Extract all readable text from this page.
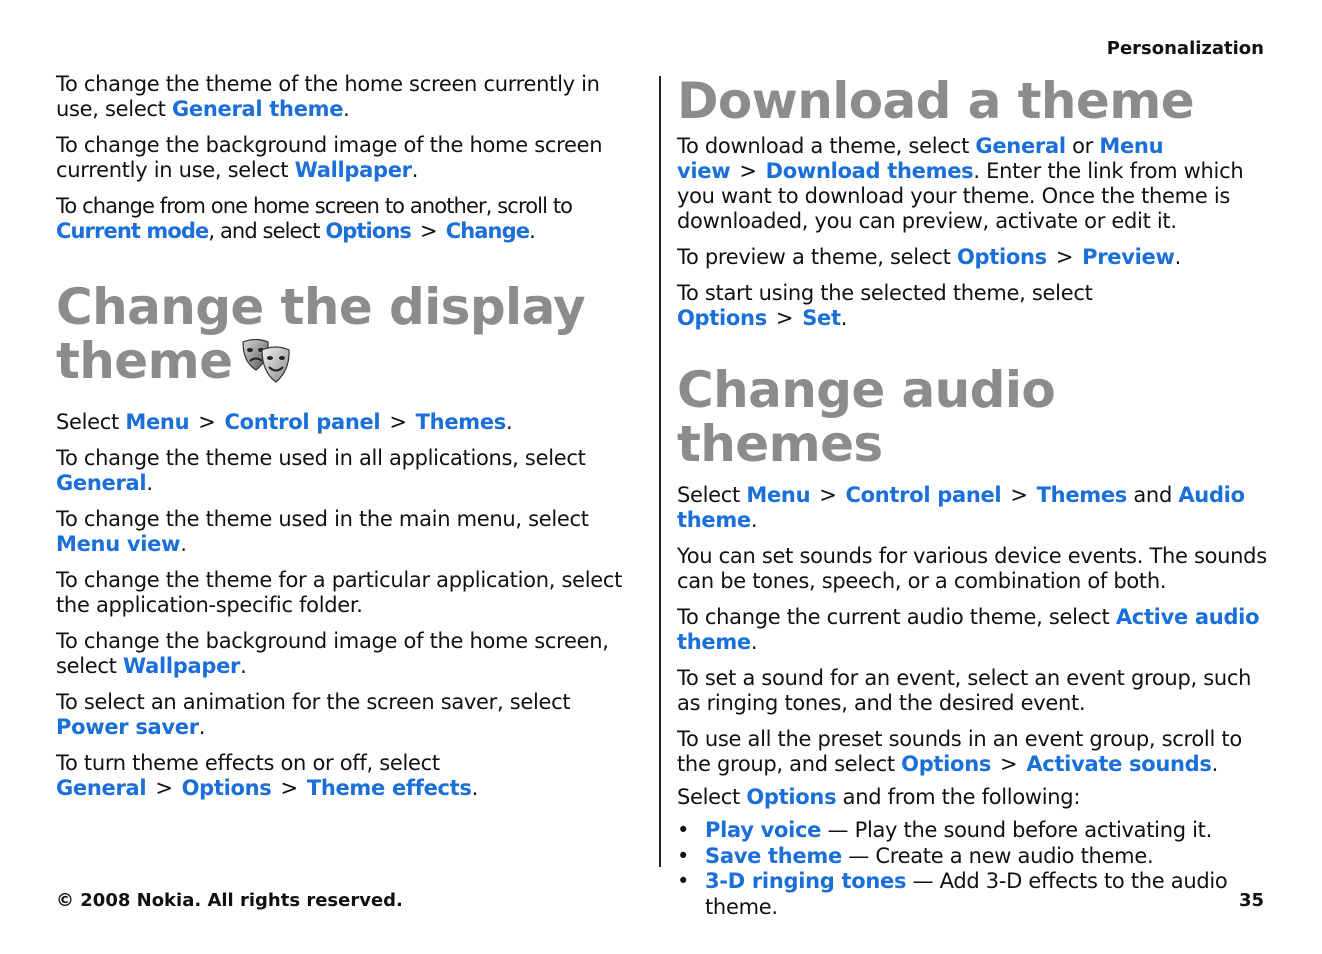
Personalization

To change the theme of the home screen currently in use, select General theme.

To change the background image of the home screen currently in use, select Wallpaper.

To change from one home screen to another, scroll to Current mode, and select Options > Change.

Change the display
theme

Select Menu > Control panel > Themes.

To change the theme used in all applications, select General.

To change the theme used in the main menu, select Menu view.

To change the theme for a particular application, select the application-specific folder.

To change the background image of the home screen, select Wallpaper.

To select an animation for the screen saver, select Power saver.

To turn theme effects on or off, select General > Options > Theme effects.

Download a theme

To download a theme, select General or Menu view > Download themes. Enter the link from which you want to download your theme. Once the theme is downloaded, you can preview, activate or edit it.

To preview a theme, select Options > Preview.

To start using the selected theme, select Options > Set.

Change audio themes

Select Menu > Control panel > Themes and Audio theme.

You can set sounds for various device events. The sounds can be tones, speech, or a combination of both.

To change the current audio theme, select Active audio theme.

To set a sound for an event, select an event group, such as ringing tones, and the desired event.

To use all the preset sounds in an event group, scroll to the group, and select Options > Activate sounds.

Select Options and from the following:

• Play voice — Play the sound before activating it.
• Save theme — Create a new audio theme.
• 3-D ringing tones — Add 3-D effects to the audio theme.
© 2008 Nokia. All rights reserved.	35
